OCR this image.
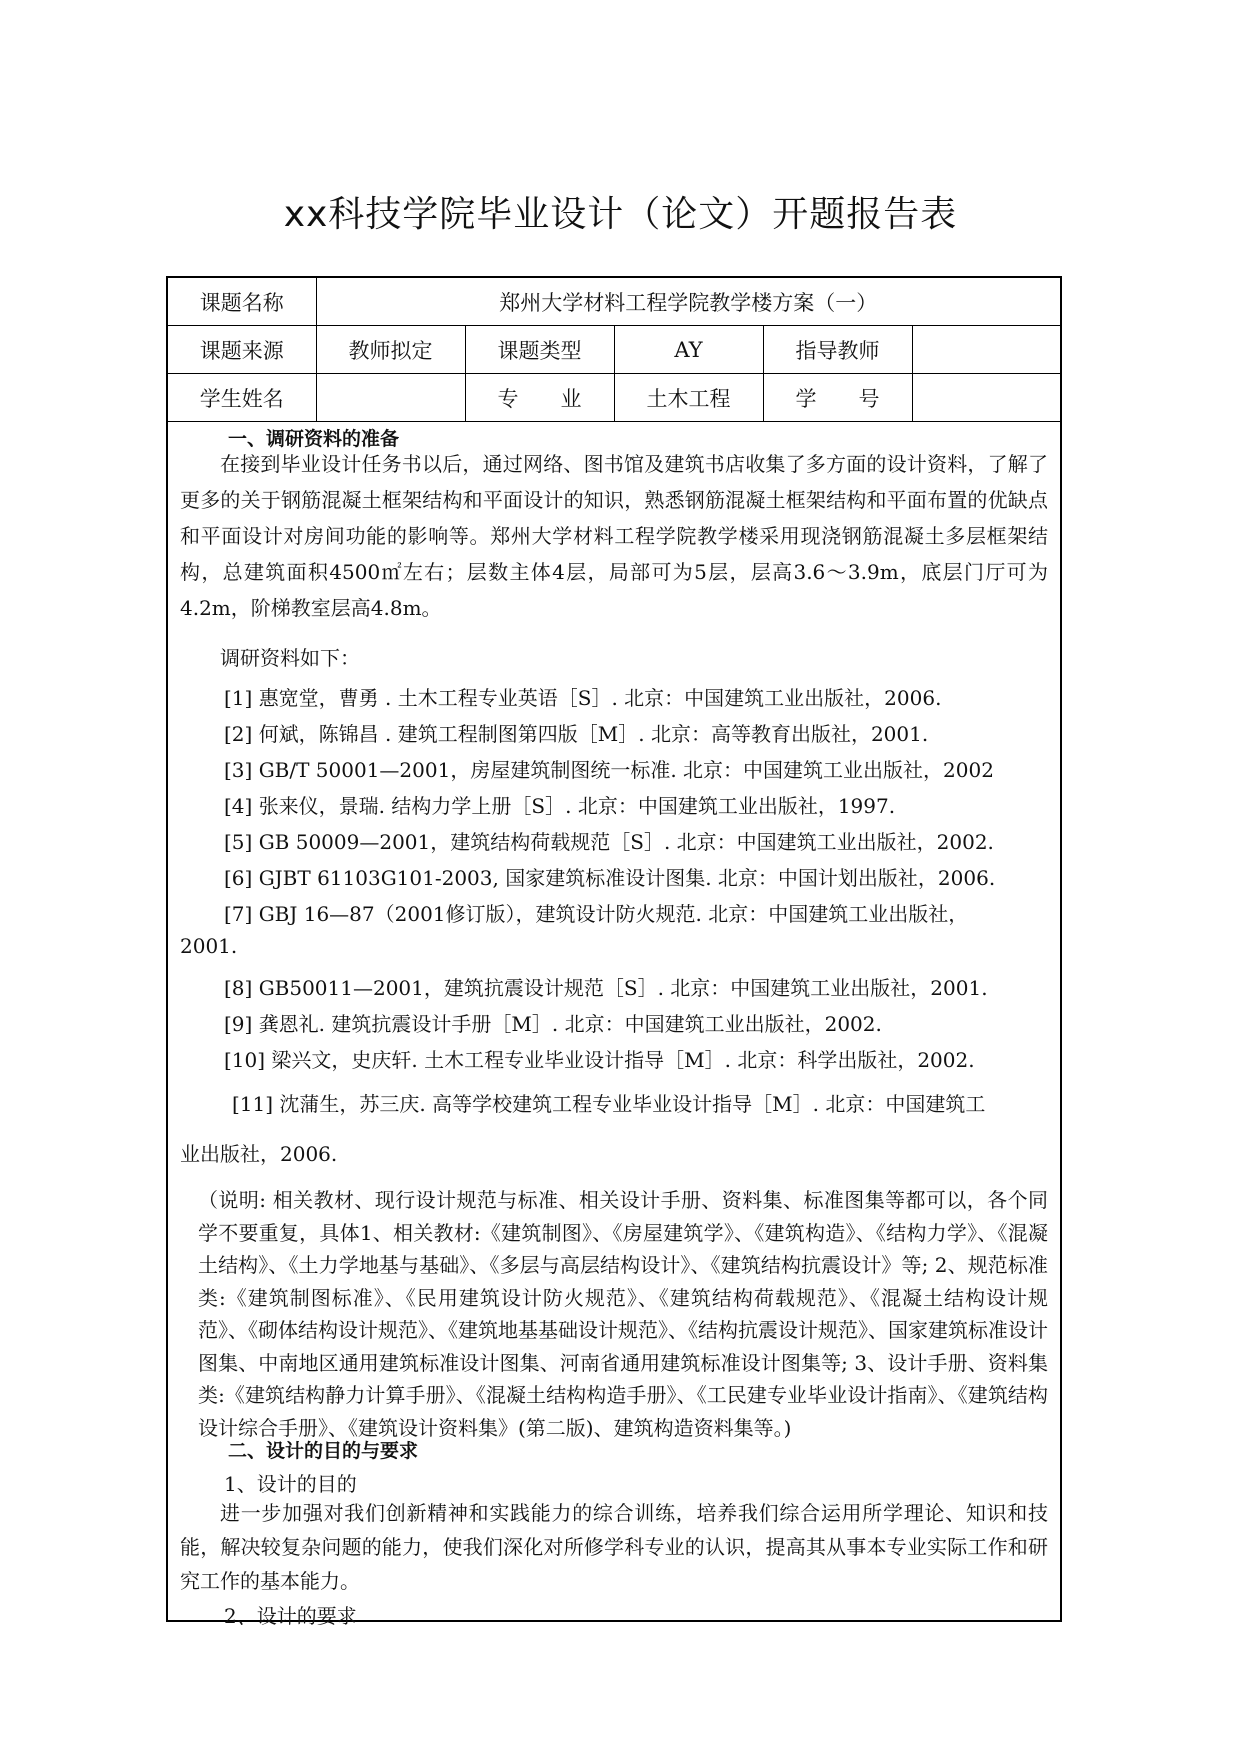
xx科技学院毕业设计（论文）开题报告表
课题名称	郑州大学材料工程学院教学楼方案（一）				
课题来源	教师拟定	课题类型	AY	指导教师	
学生姓名		专　　业	土木工程	学　　号	
一、调研资料的准备
在接到毕业设计任务书以后，通过网络、图书馆及建筑书店收集了多方面的设计资料，了解了更多的关于钢筋混凝土框架结构和平面设计的知识，熟悉钢筋混凝土框架结构和平面布置的优缺点和平面设计对房间功能的影响等。郑州大学材料工程学院教学楼采用现浇钢筋混凝土多层框架结构，总建筑面积4500㎡左右；层数主体4层，局部可为5层，层高3.6～3.9m，底层门厅可为4.2m，阶梯教室层高4.8m。
调研资料如下：
[1] 惠宽堂，曹勇 . 土木工程专业英语［S］. 北京：中国建筑工业出版社，2006.
[2] 何斌，陈锦昌 . 建筑工程制图第四版［M］. 北京：高等教育出版社，2001.
[3] GB/T 50001—2001，房屋建筑制图统一标准. 北京：中国建筑工业出版社，2002
[4] 张来仪，景瑞. 结构力学上册［S］. 北京：中国建筑工业出版社，1997.
[5] GB 50009—2001，建筑结构荷载规范［S］. 北京：中国建筑工业出版社，2002.
[6] GJBT 61103G101-2003, 国家建筑标准设计图集. 北京：中国计划出版社，2006.
[7] GBJ 16—87（2001修订版），建筑设计防火规范. 北京：中国建筑工业出版社，
2001.
[8] GB50011—2001，建筑抗震设计规范［S］. 北京：中国建筑工业出版社，2001.
[9] 龚恩礼. 建筑抗震设计手册［M］. 北京：中国建筑工业出版社，2002.
[10] 梁兴文，史庆轩. 土木工程专业毕业设计指导［M］. 北京：科学出版社，2002.
[11] 沈蒲生，苏三庆. 高等学校建筑工程专业毕业设计指导［M］. 北京：中国建筑工
业出版社，2006.
（说明: 相关教材、现行设计规范与标准、相关设计手册、资料集、标准图集等都可以，各个同学不要重复，具体1、相关教材:《建筑制图》、《房屋建筑学》、《建筑构造》、《结构力学》、《混凝土结构》、《土力学地基与基础》、《多层与高层结构设计》、《建筑结构抗震设计》等; 2、规范标准类:《建筑制图标准》、《民用建筑设计防火规范》、《建筑结构荷载规范》、《混凝土结构设计规范》、《砌体结构设计规范》、《建筑地基基础设计规范》、《结构抗震设计规范》、国家建筑标准设计图集、中南地区通用建筑标准设计图集、河南省通用建筑标准设计图集等; 3、设计手册、资料集类:《建筑结构静力计算手册》、《混凝土结构构造手册》、《工民建专业毕业设计指南》、《建筑结构设计综合手册》、《建筑设计资料集》(第二版)、建筑构造资料集等。)
二、设计的目的与要求
1、设计的目的
进一步加强对我们创新精神和实践能力的综合训练，培养我们综合运用所学理论、知识和技能，解决较复杂问题的能力，使我们深化对所修学科专业的认识，提高其从事本专业实际工作和研究工作的基本能力。
2、设计的要求
